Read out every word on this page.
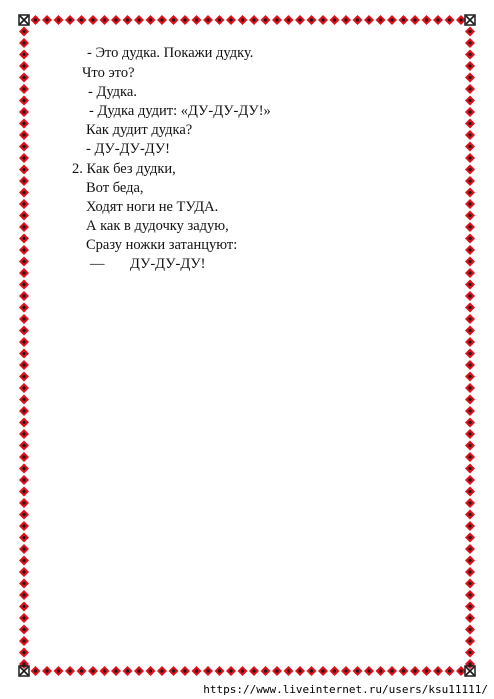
- Это дудка. Покажи дудку.
Что это?
- Дудка.
- Дудка дудит: «ДУ-ДУ-ДУ!»
Как дудит дудка?
- ДУ-ДУ-ДУ!
2. Как без дудки,
Вот беда,
Ходят ноги не ТУДА.
А как в дудочку задую,
Сразу ножки затанцуют:
— ДУ-ДУ-ДУ!
https://www.liveinternet.ru/users/ksu11111/
